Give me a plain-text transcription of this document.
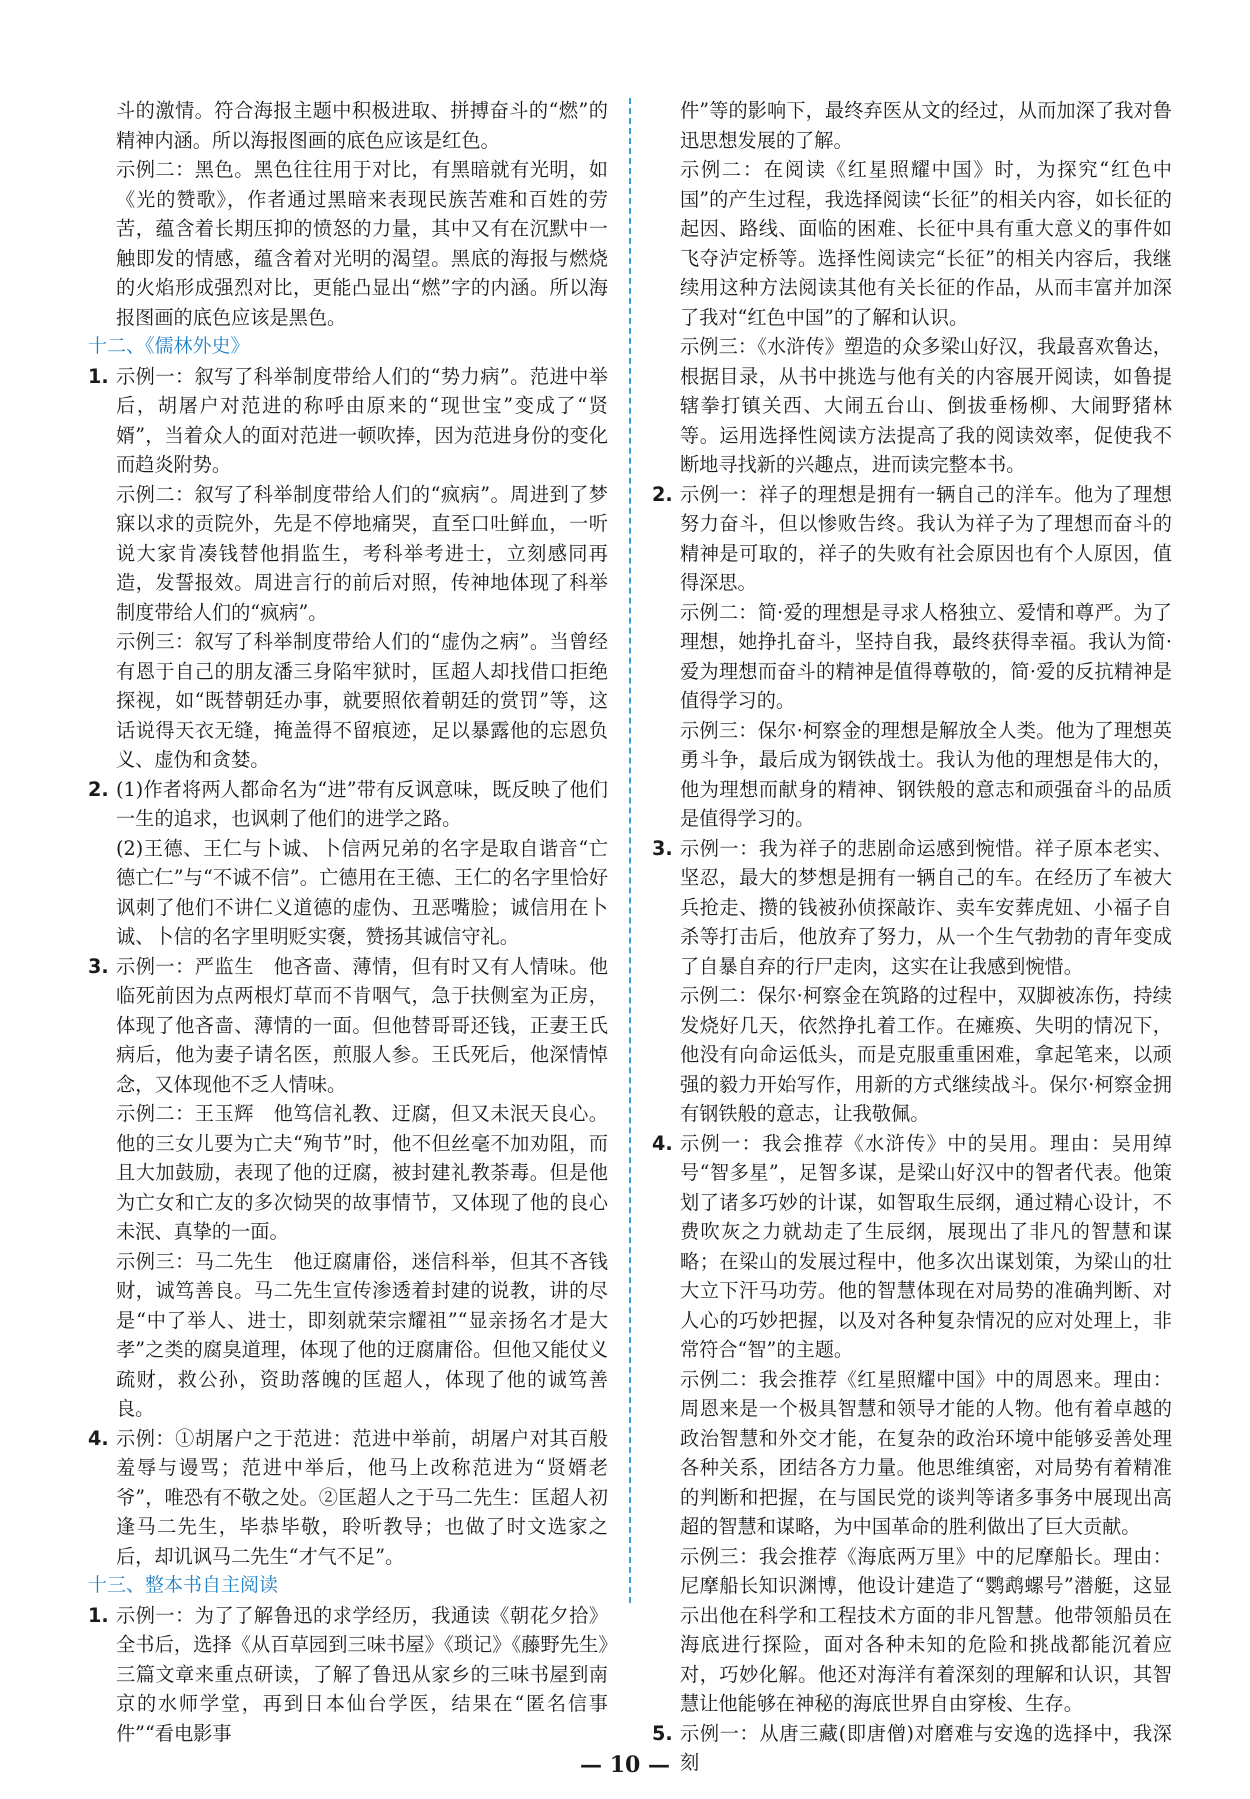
斗的激情。符合海报主题中积极进取、拼搏奋斗的“燃”的精神内涵。所以海报图画的底色应该是红色。

示例二：黑色。黑色往往用于对比，有黑暗就有光明，如《光的赞歌》，作者通过黑暗来表现民族苦难和百姓的劳苦，蕴含着长期压抑的愤怒的力量，其中又有在沉默中一触即发的情感，蕴含着对光明的渴望。黑底的海报与燃烧的火焰形成强烈对比，更能凸显出“燃”字的内涵。所以海报图画的底色应该是黑色。

十二、《儒林外史》

1. 示例一：叙写了科举制度带给人们的“势力病”。范进中举后，胡屠户对范进的称呼由原来的“现世宝”变成了“贤婿”，当着众人的面对范进一顿吹捧，因为范进身份的变化而趋炎附势。

示例二：叙写了科举制度带给人们的“疯病”。周进到了梦寐以求的贡院外，先是不停地痛哭，直至口吐鲜血，一听说大家肯凑钱替他捐监生，考科举考进士，立刻感同再造，发誓报效。周进言行的前后对照，传神地体现了科举制度带给人们的“疯病”。

示例三：叙写了科举制度带给人们的“虚伪之病”。当曾经有恩于自己的朋友潘三身陷牢狱时，匡超人却找借口拒绝探视，如“既替朝廷办事，就要照依着朝廷的赏罚”等，这话说得天衣无缝，掩盖得不留痕迹，足以暴露他的忘恩负义、虚伪和贪婪。

2. (1)作者将两人都命名为“进”带有反讽意味，既反映了他们一生的追求，也讽刺了他们的进学之路。

(2)王德、王仁与卜诚、卜信两兄弟的名字是取自谐音“亡德亡仁”与“不诚不信”。亡德用在王德、王仁的名字里恰好讽刺了他们不讲仁义道德的虚伪、丑恶嘴脸；诚信用在卜诚、卜信的名字里明贬实褒，赞扬其诚信守礼。

3. 示例一：严监生　他吝啬、薄情，但有时又有人情味。他临死前因为点两根灯草而不肯咽气，急于扶侧室为正房，体现了他吝啬、薄情的一面。但他替哥哥还钱，正妻王氏病后，他为妻子请名医，煎服人参。王氏死后，他深情悼念，又体现他不乏人情味。

示例二：王玉辉　他笃信礼教、迂腐，但又未泯天良心。他的三女儿要为亡夫“殉节”时，他不但丝毫不加劝阻，而且大加鼓励，表现了他的迂腐，被封建礼教荼毒。但是他为亡女和亡友的多次恸哭的故事情节，又体现了他的良心未泯、真挚的一面。

示例三：马二先生　他迂腐庸俗，迷信科举，但其不吝钱财，诚笃善良。马二先生宣传渗透着封建的说教，讲的尽是“中了举人、进士，即刻就荣宗耀祖”“显亲扬名才是大孝”之类的腐臭道理，体现了他的迂腐庸俗。但他又能仗义疏财，救公孙，资助落魄的匡超人，体现了他的诚笃善良。

4. 示例：①胡屠户之于范进：范进中举前，胡屠户对其百般羞辱与谩骂；范进中举后，他马上改称范进为“贤婿老爷”，唯恐有不敬之处。②匡超人之于马二先生：匡超人初逢马二先生，毕恭毕敬，聆听教导；也做了时文选家之后，却讥讽马二先生“才气不足”。

十三、整本书自主阅读

1. 示例一：为了了解鲁迅的求学经历，我通读《朝花夕拾》全书后，选择《从百草园到三味书屋》《琐记》《藤野先生》三篇文章来重点研读，了解了鲁迅从家乡的三味书屋到南京的水师学堂，再到日本仙台学医，结果在“匿名信事件”“看电影事

件”等的影响下，最终弃医从文的经过，从而加深了我对鲁迅思想发展的了解。

示例二：在阅读《红星照耀中国》时，为探究“红色中国”的产生过程，我选择阅读“长征”的相关内容，如长征的起因、路线、面临的困难、长征中具有重大意义的事件如飞夺泸定桥等。选择性阅读完“长征”的相关内容后，我继续用这种方法阅读其他有关长征的作品，从而丰富并加深了我对“红色中国”的了解和认识。

示例三：《水浒传》塑造的众多梁山好汉，我最喜欢鲁达，根据目录，从书中挑选与他有关的内容展开阅读，如鲁提辖拳打镇关西、大闹五台山、倒拔垂杨柳、大闹野猪林等。运用选择性阅读方法提高了我的阅读效率，促使我不断地寻找新的兴趣点，进而读完整本书。

2. 示例一：祥子的理想是拥有一辆自己的洋车。他为了理想努力奋斗，但以惨败告终。我认为祥子为了理想而奋斗的精神是可取的，祥子的失败有社会原因也有个人原因，值得深思。

示例二：简·爱的理想是寻求人格独立、爱情和尊严。为了理想，她挣扎奋斗，坚持自我，最终获得幸福。我认为简·爱为理想而奋斗的精神是值得尊敬的，简·爱的反抗精神是值得学习的。

示例三：保尔·柯察金的理想是解放全人类。他为了理想英勇斗争，最后成为钢铁战士。我认为他的理想是伟大的，他为理想而献身的精神、钢铁般的意志和顽强奋斗的品质是值得学习的。

3. 示例一：我为祥子的悲剧命运感到惋惜。祥子原本老实、坚忍，最大的梦想是拥有一辆自己的车。在经历了车被大兵抢走、攒的钱被孙侦探敲诈、卖车安葬虎妞、小福子自杀等打击后，他放弃了努力，从一个生气勃勃的青年变成了自暴自弃的行尸走肉，这实在让我感到惋惜。

示例二：保尔·柯察金在筑路的过程中，双脚被冻伤，持续发烧好几天，依然挣扎着工作。在瘫痪、失明的情况下，他没有向命运低头，而是克服重重困难，拿起笔来，以顽强的毅力开始写作，用新的方式继续战斗。保尔·柯察金拥有钢铁般的意志，让我敬佩。

4. 示例一：我会推荐《水浒传》中的吴用。理由：吴用绰号“智多星”，足智多谋，是梁山好汉中的智者代表。他策划了诸多巧妙的计谋，如智取生辰纲，通过精心设计，不费吹灰之力就劫走了生辰纲，展现出了非凡的智慧和谋略；在梁山的发展过程中，他多次出谋划策，为梁山的壮大立下汗马功劳。他的智慧体现在对局势的准确判断、对人心的巧妙把握，以及对各种复杂情况的应对处理上，非常符合“智”的主题。

示例二：我会推荐《红星照耀中国》中的周恩来。理由：周恩来是一个极具智慧和领导才能的人物。他有着卓越的政治智慧和外交才能，在复杂的政治环境中能够妥善处理各种关系，团结各方力量。他思维缜密，对局势有着精准的判断和把握，在与国民党的谈判等诸多事务中展现出高超的智慧和谋略，为中国革命的胜利做出了巨大贡献。

示例三：我会推荐《海底两万里》中的尼摩船长。理由：尼摩船长知识渊博，他设计建造了“鹦鹉螺号”潜艇，这显示出他在科学和工程技术方面的非凡智慧。他带领船员在海底进行探险，面对各种未知的危险和挑战都能沉着应对，巧妙化解。他还对海洋有着深刻的理解和认识，其智慧让他能够在神秘的海底世界自由穿梭、生存。

5. 示例一：从唐三藏(即唐僧)对磨难与安逸的选择中，我深刻

— 10 —
